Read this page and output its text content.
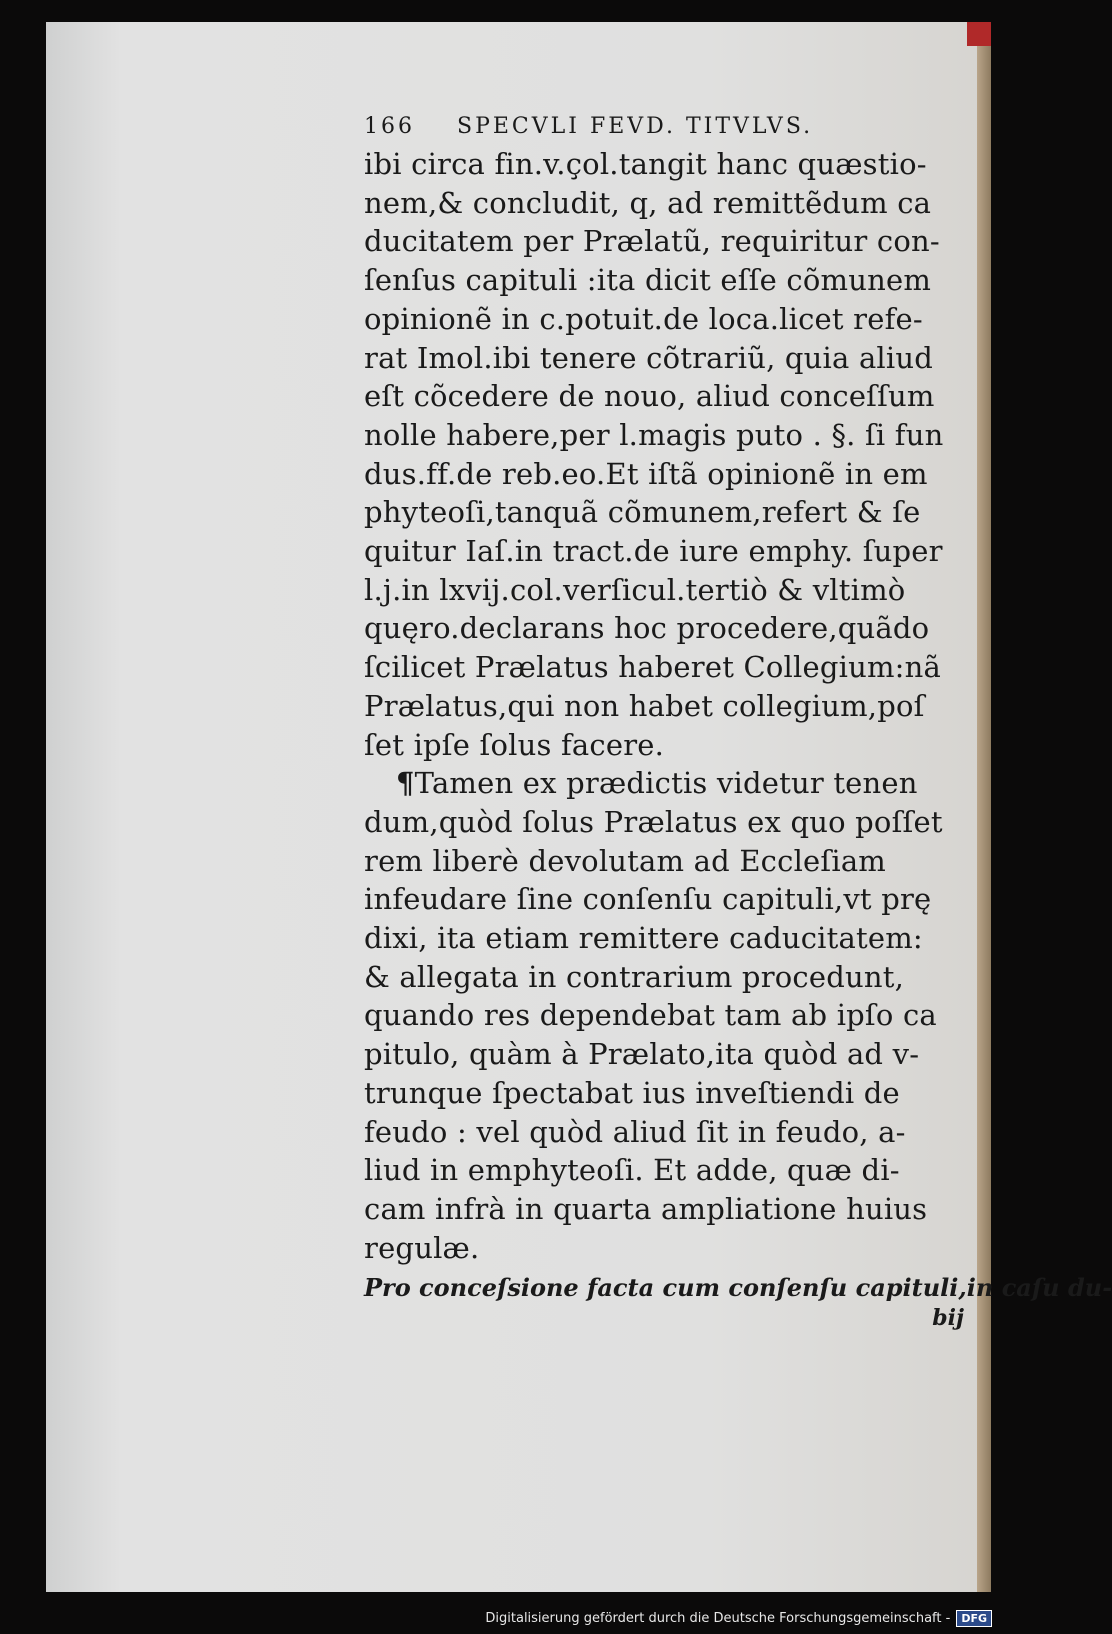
166 SPECVLI FEVD. TITVLVS.
ibi circa fin.v.çol.tangit hanc quæstio-
nem,& concludit, q, ad remittẽdum ca
ducitatem per Prælatũ, requiritur con-
ſenſus capituli :ita dicit eſſe cõmunem
opinionẽ in c.potuit.de loca.licet refe-
rat Imol.ibi tenere cõtrariũ, quia aliud
eſt cõcedere de nouo, aliud conceſſum
nolle habere,per l.magis puto . §. ſi fun
dus.ff.de reb.eo.Et iſtã opinionẽ in em
phyteoſi,tanquã cõmunem,refert & ſe
quitur Iaſ.in tract.de iure emphy. ſuper
l.j.in lxvij.col.verſicul.tertiò & vltimò
quęro.declarans hoc procedere,quãdo
ſcilicet Prælatus haberet Collegium:nã
Prælatus,qui non habet collegium,poſ
ſet ipſe ſolus facere.
¶Tamen ex prædictis videtur tenen
dum,quòd ſolus Prælatus ex quo poſſet
rem liberè devolutam ad Eccleſiam
infeudare ſine conſenſu capituli,vt prę
dixi, ita etiam remittere caducitatem:
& allegata in contrarium procedunt,
quando res dependebat tam ab ipſo ca
pitulo, quàm à Prælato,ita quòd ad v-
trunque ſpectabat ius inveſtiendi de
feudo : vel quòd aliud ſit in feudo, a-
liud in emphyteoſi. Et adde, quæ di-
cam infrà in quarta ampliatione huius
regulæ.
Pro conceſsione facta cum conſenſu capituli,in caſu du-
bij
Digitalisierung gefördert durch die Deutsche Forschungsgemeinschaft -	DFG
